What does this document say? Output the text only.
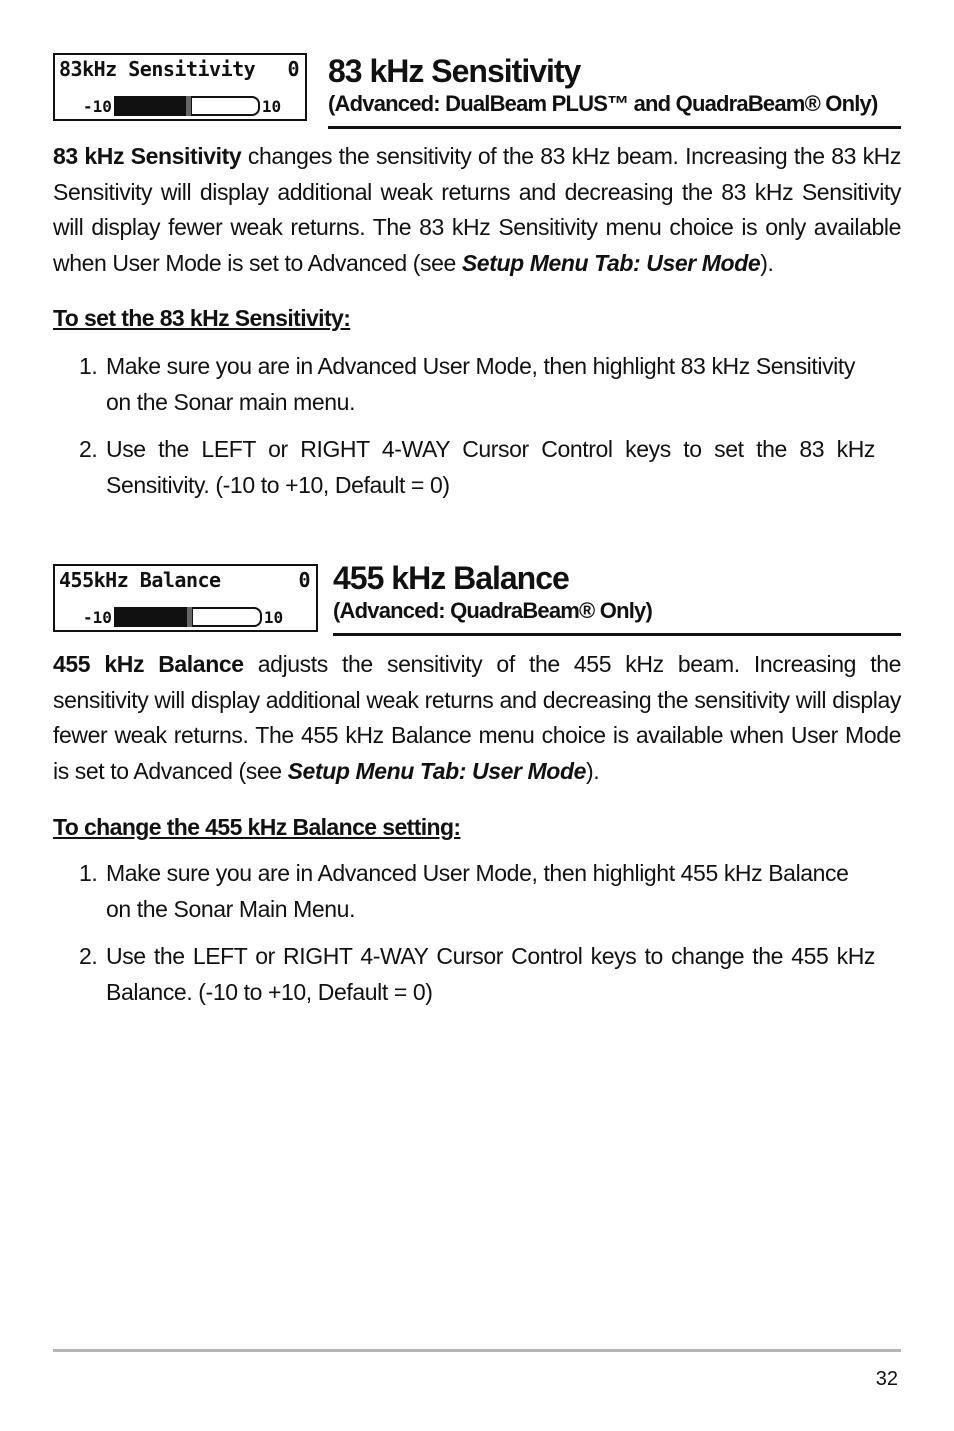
83kHz Sensitivity 0
-10	10
83 kHz Sensitivity
(Advanced: DualBeam PLUS™ and QuadraBeam® Only)

83 kHz Sensitivity changes the sensitivity of the 83 kHz beam. Increasing the 83 kHz Sensitivity will display additional weak returns and decreasing the 83 kHz Sensitivity will display fewer weak returns. The 83 kHz Sensitivity menu choice is only available when User Mode is set to Advanced (see Setup Menu Tab: User Mode).

To set the 83 kHz Sensitivity:

1. Make sure you are in Advanced User Mode, then highlight 83 kHz Sensitivity on the Sonar main menu.
2. Use the LEFT or RIGHT 4-WAY Cursor Control keys to set the 83 kHz Sensitivity. (-10 to +10, Default = 0)
455kHz Balance	0
-10	10
455 kHz Balance
(Advanced: QuadraBeam® Only)

455 kHz Balance adjusts the sensitivity of the 455 kHz beam. Increasing the sensitivity will display additional weak returns and decreasing the sensitivity will display fewer weak returns. The 455 kHz Balance menu choice is available when User Mode is set to Advanced (see Setup Menu Tab: User Mode).

To change the 455 kHz Balance setting:

1. Make sure you are in Advanced User Mode, then highlight 455 kHz Balance on the Sonar Main Menu.
2. Use the LEFT or RIGHT 4-WAY Cursor Control keys to change the 455 kHz Balance. (-10 to +10, Default = 0)
32
